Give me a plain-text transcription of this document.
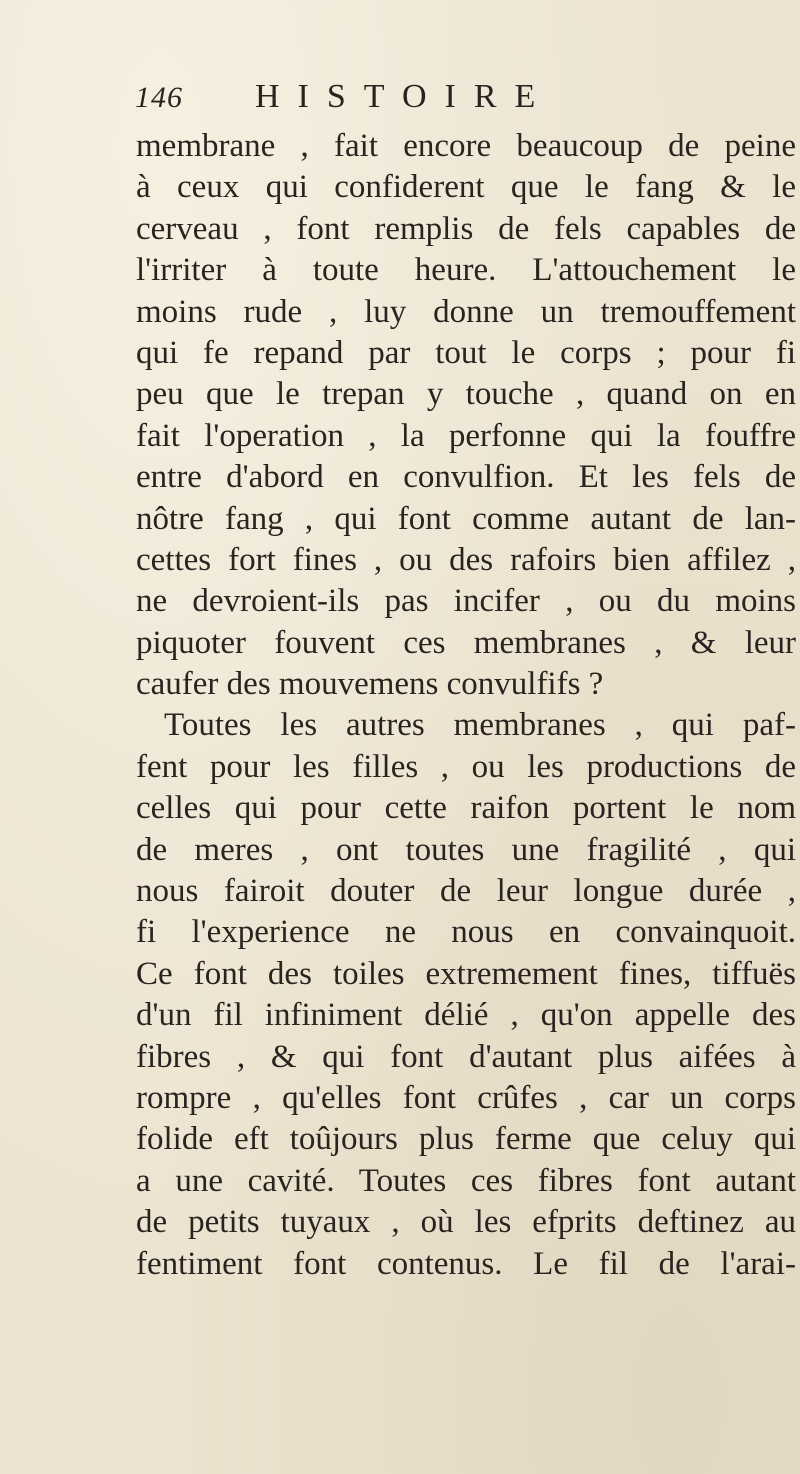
146	HISTOIRE
membrane , fait encore beaucoup de peine
à ceux qui confiderent que le fang & le
cerveau , font remplis de fels capables de
l'irriter à toute heure. L'attouchement le
moins rude , luy donne un tremouffement
qui fe repand par tout le corps ; pour fi
peu que le trepan y touche , quand on en
fait l'operation , la perfonne qui la fouffre
entre d'abord en convulfion. Et les fels de
nôtre fang , qui font comme autant de lan-
cettes fort fines , ou des rafoirs bien affilez ,
ne devroient-ils pas incifer , ou du moins
piquoter fouvent ces membranes , & leur
caufer des mouvemens convulfifs ?
Toutes les autres membranes , qui paf-
fent pour les filles , ou les productions de
celles qui pour cette raifon portent le nom
de meres , ont toutes une fragilité , qui
nous fairoit douter de leur longue durée ,
fi l'experience ne nous en convainquoit.
Ce font des toiles extremement fines, tiffuës
d'un fil infiniment délié , qu'on appelle des
fibres , & qui font d'autant plus aifées à
rompre , qu'elles font crûfes , car un corps
folide eft toûjours plus ferme que celuy qui
a une cavité. Toutes ces fibres font autant
de petits tuyaux , où les efprits deftinez au
fentiment font contenus. Le fil de l'arai-
